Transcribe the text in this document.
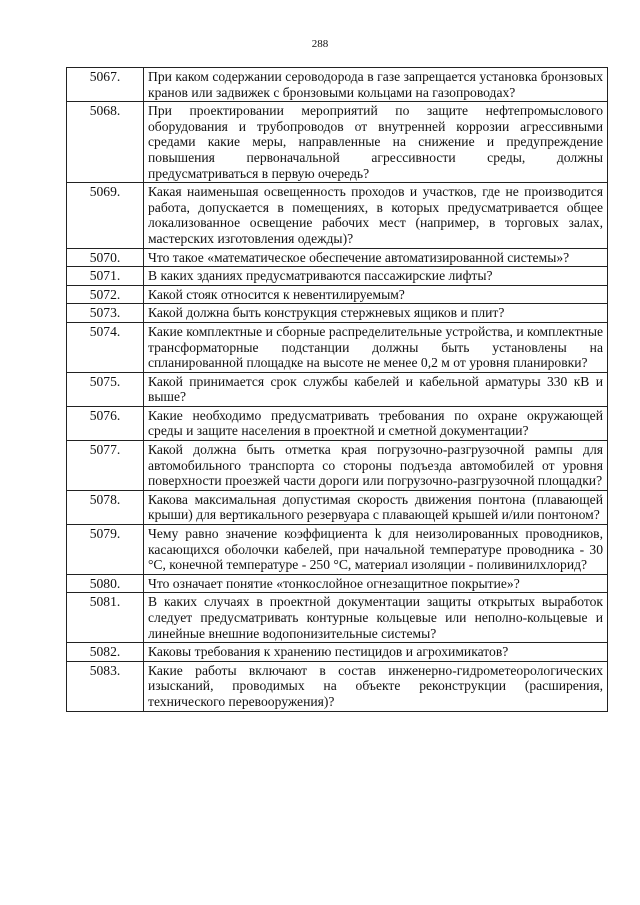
288
5067.	При каком содержании сероводорода в газе запрещается установка бронзовых кранов или задвижек с бронзовыми кольцами на газопроводах?
5068.	При проектировании мероприятий по защите нефтепромыслового оборудования и трубопроводов от внутренней коррозии агрессивными средами какие меры, направленные на снижение и предупреждение повышения первоначальной агрессивности среды, должны предусматриваться в первую очередь?
5069.	Какая наименьшая освещенность проходов и участков, где не производится работа, допускается в помещениях, в которых предусматривается общее локализованное освещение рабочих мест (например, в торговых залах, мастерских изготовления одежды)?
5070.	Что такое «математическое обеспечение автоматизированной системы»?
5071.	В каких зданиях предусматриваются пассажирские лифты?
5072.	Какой стояк относится к невентилируемым?
5073.	Какой должна быть конструкция стержневых ящиков и плит?
5074.	Какие комплектные и сборные распределительные устройства, и комплектные трансформаторные подстанции должны быть установлены на спланированной площадке на высоте не менее 0,2 м от уровня планировки?
5075.	Какой принимается срок службы кабелей и кабельной арматуры 330 кВ и выше?
5076.	Какие необходимо предусматривать требования по охране окружающей среды и защите населения в проектной и сметной документации?
5077.	Какой должна быть отметка края погрузочно-разгрузочной рампы для автомобильного транспорта со стороны подъезда автомобилей от уровня поверхности проезжей части дороги или погрузочно-разгрузочной площадки?
5078.	Какова максимальная допустимая скорость движения понтона (плавающей крыши) для вертикального резервуара с плавающей крышей и/или понтоном?
5079.	Чему равно значение коэффициента k для неизолированных проводников, касающихся оболочки кабелей, при начальной температуре проводника - 30 °С, конечной температуре - 250 °С, материал изоляции - поливинилхлорид?
5080.	Что означает понятие «тонкослойное огнезащитное покрытие»?
5081.	В каких случаях в проектной документации защиты открытых выработок следует предусматривать контурные кольцевые или неполно-кольцевые и линейные внешние водопонизительные системы?
5082.	Каковы требования к хранению пестицидов и агрохимикатов?
5083.	Какие работы включают в состав инженерно-гидрометеорологических изысканий, проводимых на объекте реконструкции (расширения, технического перевооружения)?
